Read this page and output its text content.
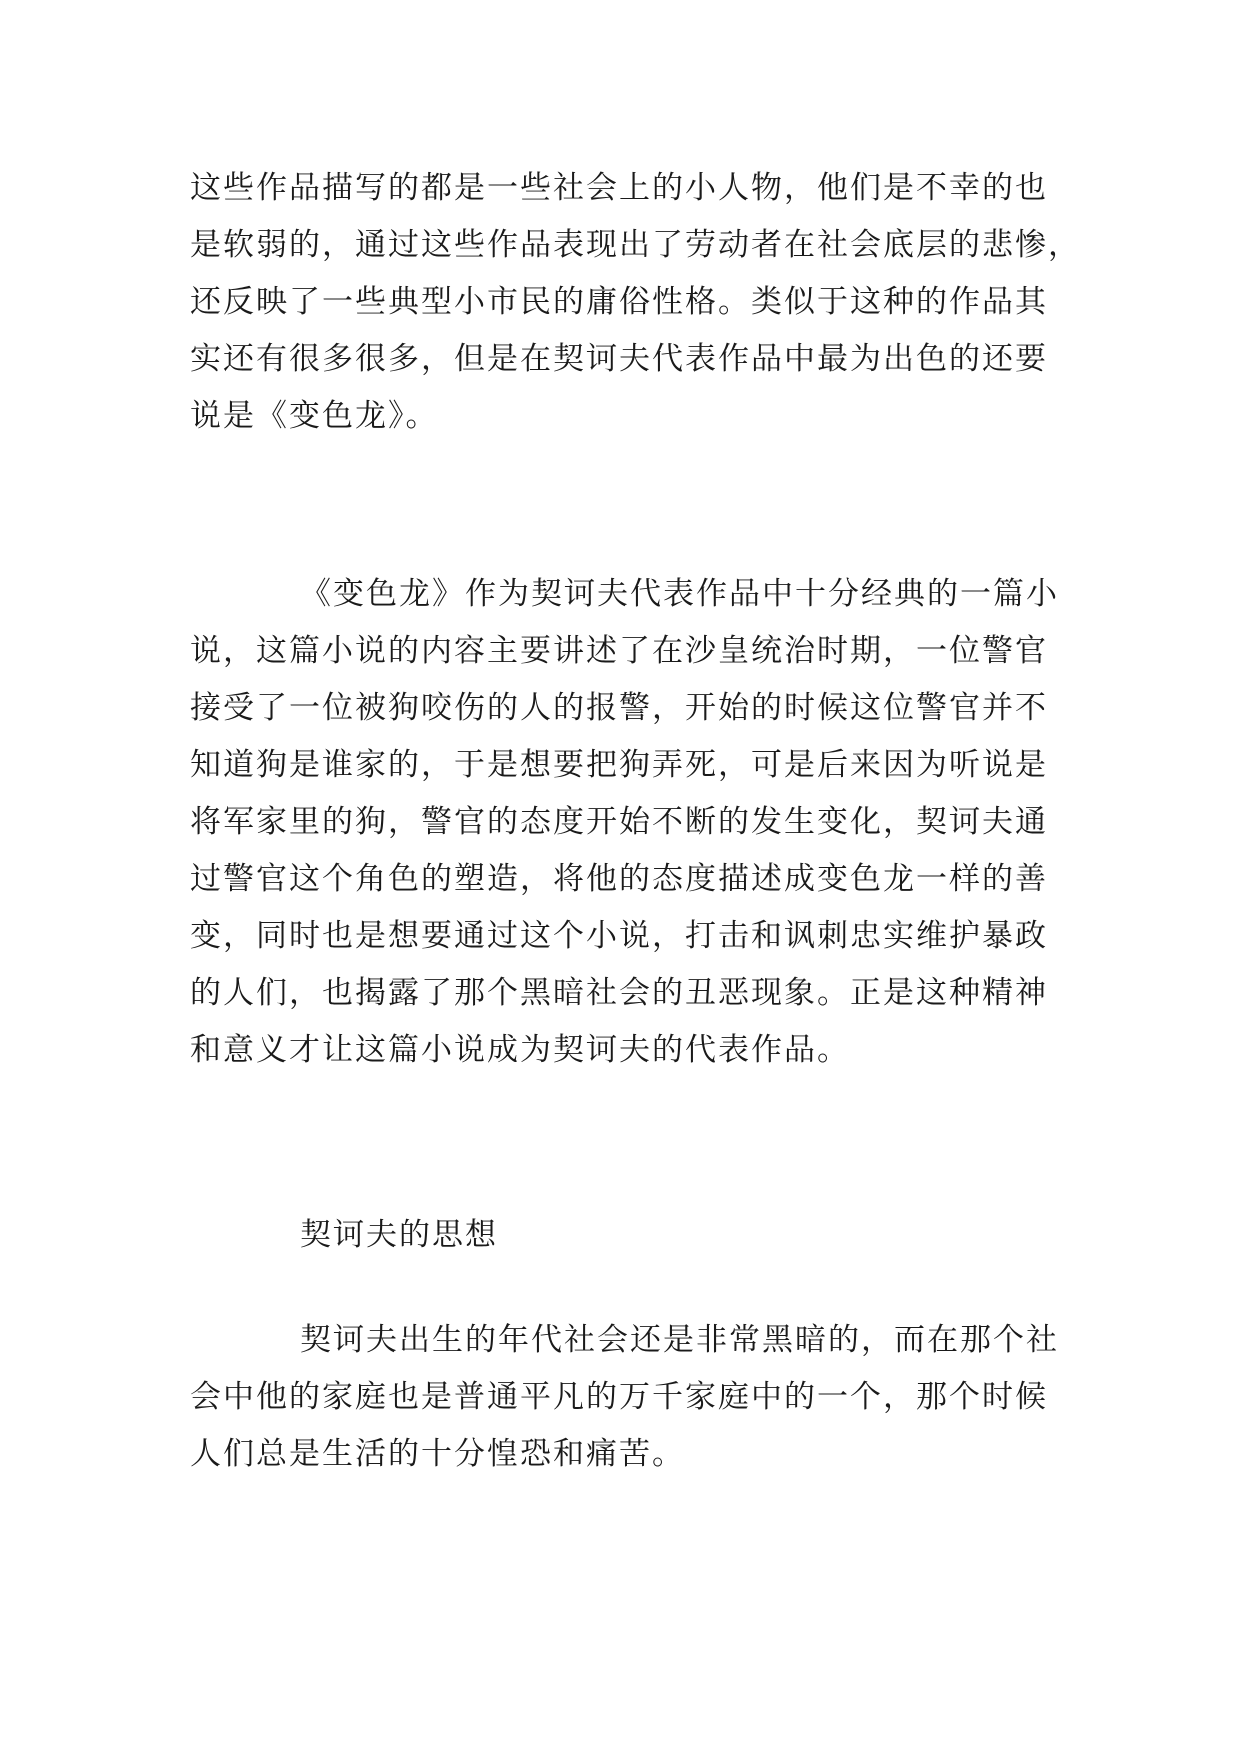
这些作品描写的都是一些社会上的小人物，他们是不幸的也
是软弱的，通过这些作品表现出了劳动者在社会底层的悲惨，
还反映了一些典型小市民的庸俗性格。类似于这种的作品其
实还有很多很多，但是在契诃夫代表作品中最为出色的还要
说是《变色龙》。

《变色龙》作为契诃夫代表作品中十分经典的一篇小
说，这篇小说的内容主要讲述了在沙皇统治时期，一位警官
接受了一位被狗咬伤的人的报警，开始的时候这位警官并不
知道狗是谁家的，于是想要把狗弄死，可是后来因为听说是
将军家里的狗，警官的态度开始不断的发生变化，契诃夫通
过警官这个角色的塑造，将他的态度描述成变色龙一样的善
变，同时也是想要通过这个小说，打击和讽刺忠实维护暴政
的人们，也揭露了那个黑暗社会的丑恶现象。正是这种精神
和意义才让这篇小说成为契诃夫的代表作品。

契诃夫的思想

契诃夫出生的年代社会还是非常黑暗的，而在那个社
会中他的家庭也是普通平凡的万千家庭中的一个，那个时候
人们总是生活的十分惶恐和痛苦。
